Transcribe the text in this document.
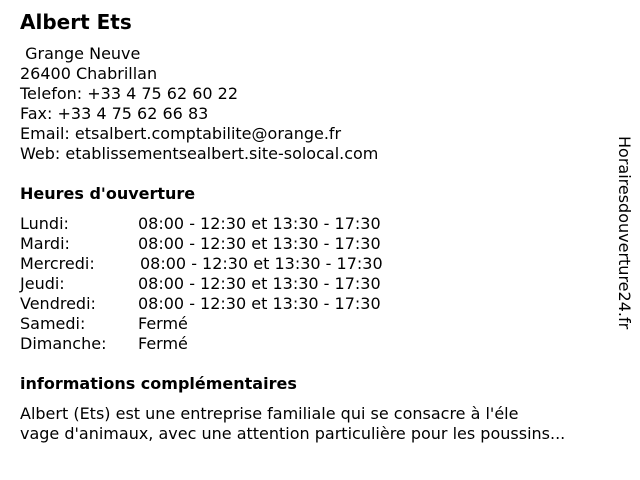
Albert Ets
Grange Neuve
26400 Chabrillan
Telefon: +33 4 75 62 60 22
Fax: +33 4 75 62 66 83
Email: etsalbert.comptabilite@orange.fr
Web: etablissementsealbert.site-solocal.com
Heures d'ouverture
Lundi:	08:00 - 12:30 et 13:30 - 17:30
Mardi:	08:00 - 12:30 et 13:30 - 17:30
Mercredi:	08:00 - 12:30 et 13:30 - 17:30
Jeudi:	08:00 - 12:30 et 13:30 - 17:30
Vendredi:	08:00 - 12:30 et 13:30 - 17:30
Samedi:	Fermé
Dimanche: Fermé
informations complémentaires
Albert (Ets) est une entreprise familiale qui se consacre à l'éle
vage d'animaux, avec une attention particulière pour les poussins...
Horairesdouverture24.fr
